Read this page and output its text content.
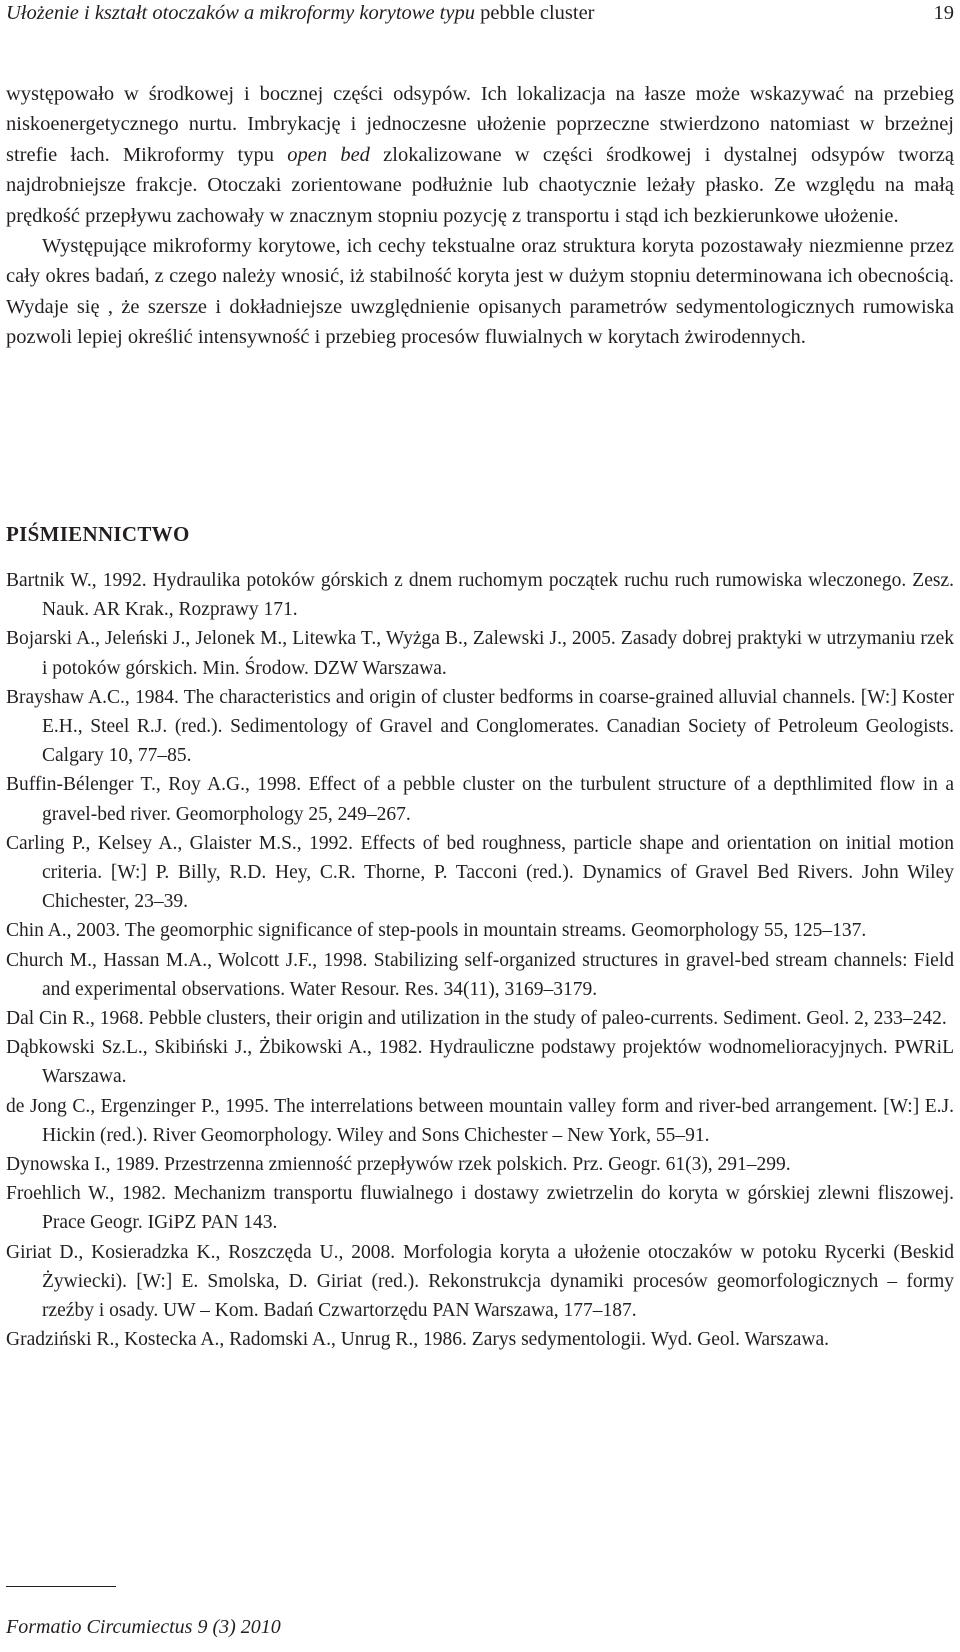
Ułożenie i kształt otoczaków a mikroformy korytowe typu pebble cluster	19

występowało w środkowej i bocznej części odsypów. Ich lokalizacja na łasze może wskazywać na przebieg niskoenergetycznego nurtu. Imbrykację i jednoczesne ułożenie poprzeczne stwierdzono natomiast w brzeżnej strefie łach. Mikroformy typu open bed zlokalizowane w części środkowej i dystalnej odsypów tworzą najdrobniejsze frakcje. Otoczaki zorientowane podłużnie lub chaotycznie leżały płasko. Ze względu na małą prędkość przepływu zachowały w znacznym stopniu pozycję z transportu i stąd ich bezkierunkowe ułożenie.

Występujące mikroformy korytowe, ich cechy tekstualne oraz struktura koryta pozostawały niezmienne przez cały okres badań, z czego należy wnosić, iż stabilność koryta jest w dużym stopniu determinowana ich obecnością. Wydaje się , że szersze i dokładniejsze uwzględnienie opisanych parametrów sedymentologicznych rumowiska pozwoli lepiej określić intensywność i przebieg procesów fluwialnych w korytach żwirodennych.

PIŚMIENNICTWO
Bartnik W., 1992. Hydraulika potoków górskich z dnem ruchomym początek ruchu ruch rumowiska wleczonego. Zesz. Nauk. AR Krak., Rozprawy 171.
Bojarski A., Jeleński J., Jelonek M., Litewka T., Wyżga B., Zalewski J., 2005. Zasady dobrej praktyki w utrzymaniu rzek i potoków górskich. Min. Środow. DZW Warszawa.
Brayshaw A.C., 1984. The characteristics and origin of cluster bedforms in coarse-grained alluvial channels. [W:] Koster E.H., Steel R.J. (red.). Sedimentology of Gravel and Conglomerates. Canadian Society of Petroleum Geologists. Calgary 10, 77–85.
Buffin-Bélenger T., Roy A.G., 1998. Effect of a pebble cluster on the turbulent structure of a depthlimited flow in a gravel-bed river. Geomorphology 25, 249–267.
Carling P., Kelsey A., Glaister M.S., 1992. Effects of bed roughness, particle shape and orientation on initial motion criteria. [W:] P. Billy, R.D. Hey, C.R. Thorne, P. Tacconi (red.). Dynamics of Gravel Bed Rivers. John Wiley Chichester, 23–39.
Chin A., 2003. The geomorphic significance of step-pools in mountain streams. Geomorphology 55, 125–137.
Church M., Hassan M.A., Wolcott J.F., 1998. Stabilizing self-organized structures in gravel-bed stream channels: Field and experimental observations. Water Resour. Res. 34(11), 3169–3179.
Dal Cin R., 1968. Pebble clusters, their origin and utilization in the study of paleo-currents. Sediment. Geol. 2, 233–242.
Dąbkowski Sz.L., Skibiński J., Żbikowski A., 1982. Hydrauliczne podstawy projektów wodnomelioracyjnych. PWRiL Warszawa.
de Jong C., Ergenzinger P., 1995. The interrelations between mountain valley form and river-bed arrangement. [W:] E.J. Hickin (red.). River Geomorphology. Wiley and Sons Chichester – New York, 55–91.
Dynowska I., 1989. Przestrzenna zmienność przepływów rzek polskich. Prz. Geogr. 61(3), 291–299.
Froehlich W., 1982. Mechanizm transportu fluwialnego i dostawy zwietrzelin do koryta w górskiej zlewni fliszowej. Prace Geogr. IGiPZ PAN 143.
Giriat D., Kosieradzka K., Roszczęda U., 2008. Morfologia koryta a ułożenie otoczaków w potoku Rycerki (Beskid Żywiecki). [W:] E. Smolska, D. Giriat (red.). Rekonstrukcja dynamiki procesów geomorfologicznych – formy rzeźby i osady. UW – Kom. Badań Czwartorzędu PAN Warszawa, 177–187.
Gradziński R., Kostecka A., Radomski A., Unrug R., 1986. Zarys sedymentologii. Wyd. Geol. Warszawa.
Formatio Circumiectus 9 (3) 2010
